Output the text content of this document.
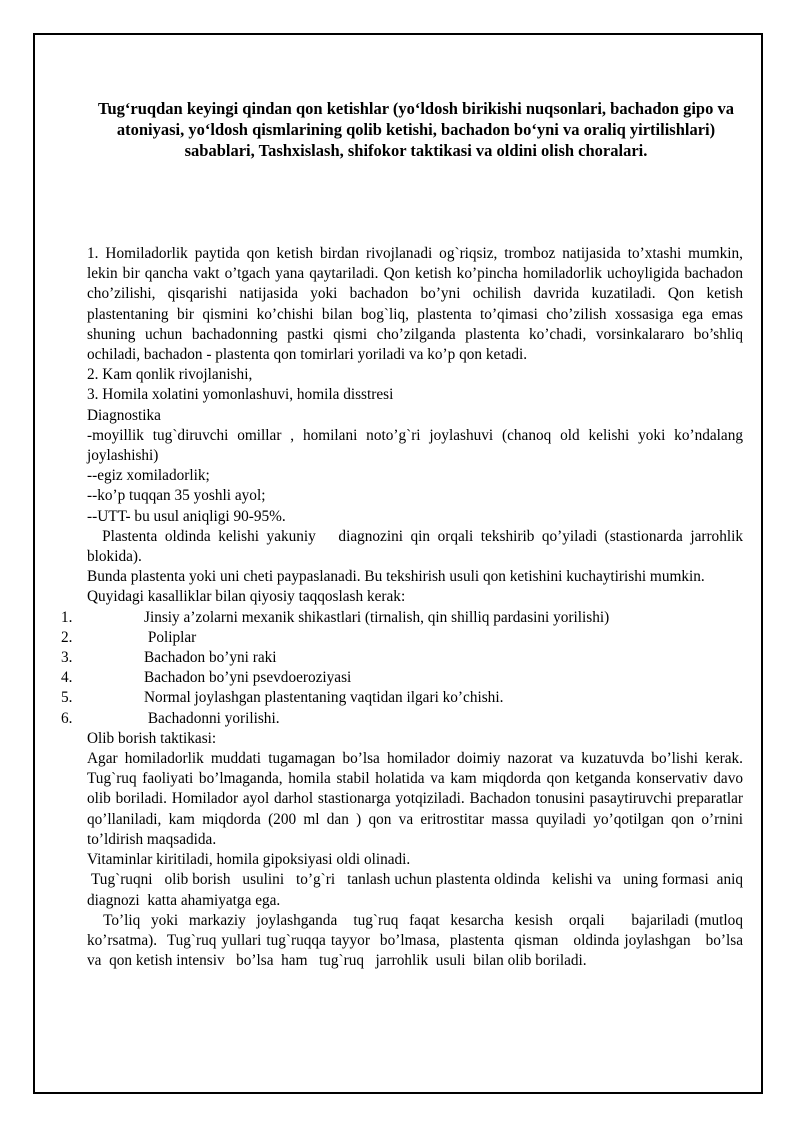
Tug‘ruqdan keyingi qindan qon ketishlar (yo‘ldosh birikishi nuqsonlari, bachadon gipo va atoniyasi, yo‘ldosh qismlarining qolib ketishi, bachadon bo‘yni va oraliq yirtilishlari) sabablari, Tashxislash, shifokor taktikasi va oldini olish choralari.

1. Homiladorlik paytida qon ketish birdan rivojlanadi og`riqsiz, tromboz natijasida to’xtashi mumkin, lekin bir qancha vakt o’tgach yana qaytariladi. Qon ketish ko’pincha homiladorlik uchoyligida bachadon cho’zilishi, qisqarishi natijasida yoki bachadon bo’yni ochilish davrida kuzatiladi. Qon ketish plastentaning bir qismini ko’chishi bilan bog`liq, plastenta to’qimasi cho’zilish xossasiga ega emas shuning uchun bachadonning pastki qismi cho’zilganda plastenta ko’chadi, vorsinkalararo bo’shliq ochiladi, bachadon - plastenta qon tomirlari yoriladi va ko’p qon ketadi.

2. Kam qonlik rivojlanishi,

3. Homila xolatini yomonlashuvi, homila disstresi

Diagnostika

-moyillik tug`diruvchi omillar , homilani noto’g`ri joylashuvi (chanoq old kelishi yoki ko’ndalang joylashishi)

--egiz xomiladorlik;

--ko’p tuqqan 35 yoshli ayol;

--UTT- bu usul aniqligi 90-95%.

Plastenta oldinda kelishi yakuniy   diagnozini qin orqali tekshirib qo’yiladi (stastionarda jarrohlik blokida).

Bunda plastenta yoki uni cheti paypaslanadi. Bu tekshirish usuli qon ketishini kuchaytirishi mumkin.

Quyidagi kasalliklar bilan qiyosiy taqqoslash kerak:

1.	Jinsiy a’zolarni mexanik shikastlari (tirnalish, qin shilliq pardasini yorilishi)
2.	Poliplar
3.	Bachadon bo’yni raki
4.	Bachadon bo’yni psevdoeroziyasi
5.	Normal joylashgan plastentaning vaqtidan ilgari ko’chishi.
6.	Bachadonni yorilishi.

Olib borish taktikasi:

Agar homiladorlik muddati tugamagan bo’lsa homilador doimiy nazorat va kuzatuvda bo’lishi kerak. Tug`ruq faoliyati bo’lmaganda, homila stabil holatida va kam miqdorda qon ketganda konservativ davo olib boriladi. Homilador ayol darhol stastionarga yotqiziladi. Bachadon tonusini pasaytiruvchi preparatlar qo’llaniladi, kam miqdorda (200 ml dan ) qon va eritrostitar massa quyiladi yo’qotilgan qon o’rnini to’ldirish maqsadida.

Vitaminlar kiritiladi, homila gipoksiyasi oldi olinadi.

Tug`ruqni   olib borish   usulini   to’g`ri   tanlash uchun plastenta oldinda   kelishi va   uning formasi  aniq  diagnozi  katta ahamiyatga ega.

To’liq  yoki  markaziy  joylashganda   tug`ruq  faqat  kesarcha  kesish   orqali     bajariladi (mutloq ko’rsatma).  Tug`ruq yullari tug`ruqqa tayyor  bo’lmasa,  plastenta  qisman   oldinda joylashgan   bo’lsa   va  qon ketish intensiv   bo’lsa  ham   tug`ruq   jarrohlik  usuli  bilan olib boriladi.
